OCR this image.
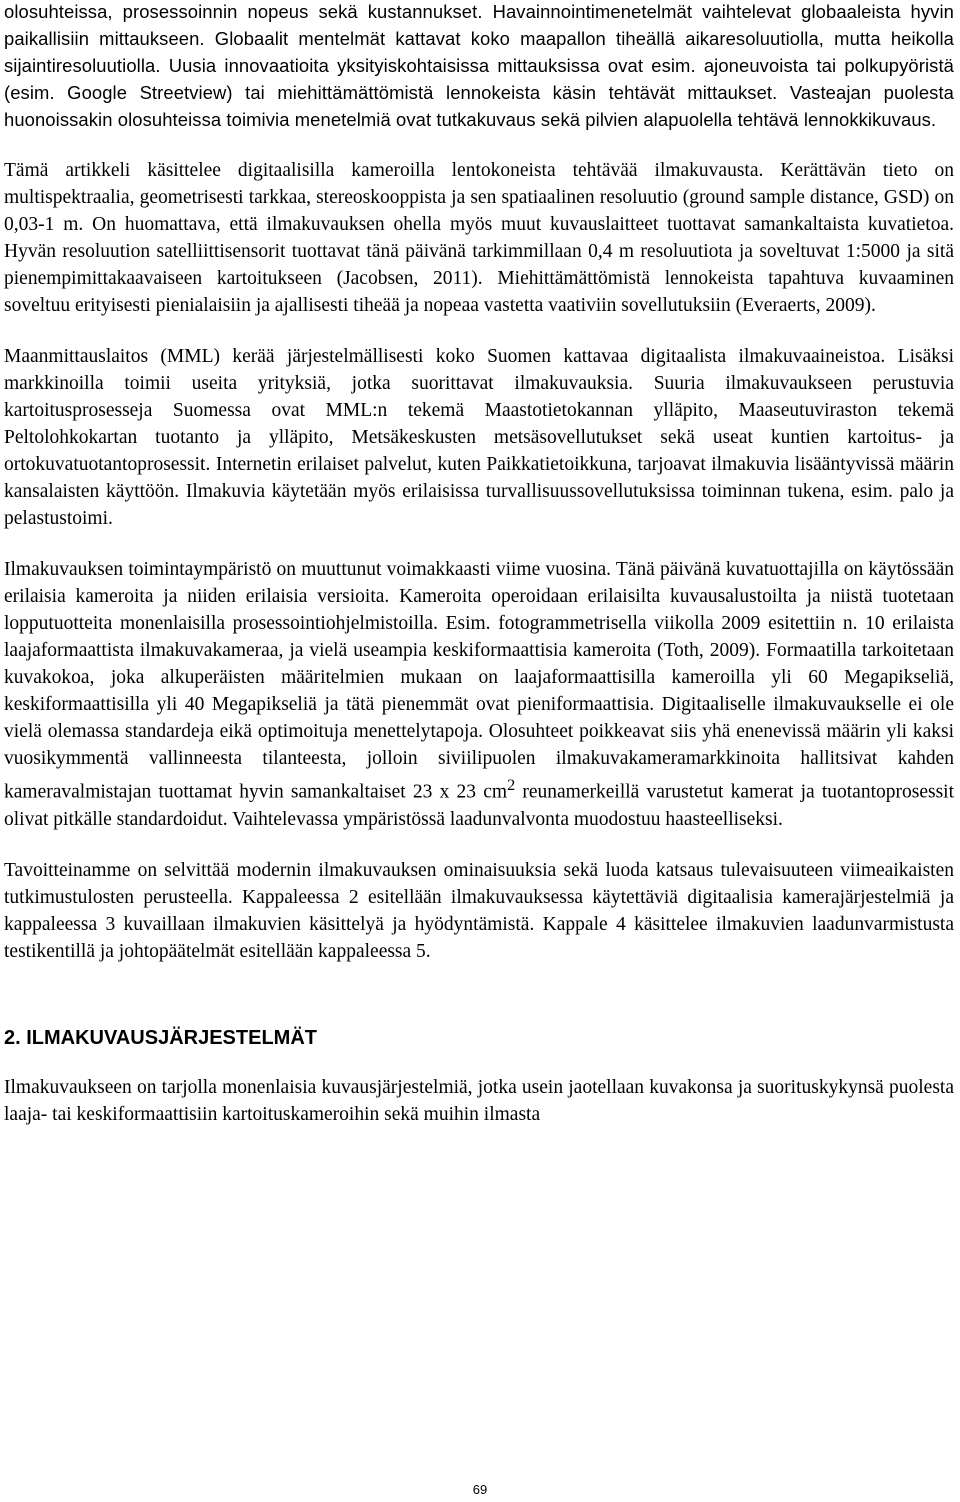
olosuhteissa, prosessoinnin nopeus sekä kustannukset. Havainnointimenetelmät vaihtelevat globaaleista hyvin paikallisiin mittaukseen. Globaalit mentelmät kattavat koko maapallon tiheällä aikaresoluutiolla, mutta heikolla sijaintiresoluutiolla. Uusia innovaatioita yksityiskohtaisissa mittauksissa ovat esim. ajoneuvoista tai polkupyöristä (esim. Google Streetview) tai miehittämättömistä lennokeista käsin tehtävät mittaukset. Vasteajan puolesta huonoissakin olosuhteissa toimivia menetelmiä ovat tutkakuvaus sekä pilvien alapuolella tehtävä lennokkikuvaus.

Tämä artikkeli käsittelee digitaalisilla kameroilla lentokoneista tehtävää ilmakuvausta. Kerättävän tieto on multispektraalia, geometrisesti tarkkaa, stereoskooppista ja sen spatiaalinen resoluutio (ground sample distance, GSD) on 0,03-1 m. On huomattava, että ilmakuvauksen ohella myös muut kuvauslaitteet tuottavat samankaltaista kuvatietoa. Hyvän resoluution satelliittisensorit tuottavat tänä päivänä tarkimmillaan 0,4 m resoluutiota ja soveltuvat 1:5000 ja sitä pienempimittakaavaiseen kartoitukseen (Jacobsen, 2011). Miehittämättömistä lennokeista tapahtuva kuvaaminen soveltuu erityisesti pienialaisiin ja ajallisesti tiheää ja nopeaa vastetta vaativiin sovellutuksiin (Everaerts, 2009).

Maanmittauslaitos (MML) kerää järjestelmällisesti koko Suomen kattavaa digitaalista ilmakuvaaineistoa. Lisäksi markkinoilla toimii useita yrityksiä, jotka suorittavat ilmakuvauksia. Suuria ilmakuvaukseen perustuvia kartoitusprosesseja Suomessa ovat MML:n tekemä Maastotietokannan ylläpito, Maaseutuviraston tekemä Peltolohkokartan tuotanto ja ylläpito, Metsäkeskusten metsäsovellutukset sekä useat kuntien kartoitus- ja ortokuvatuotantoprosessit. Internetin erilaiset palvelut, kuten Paikkatietoikkuna, tarjoavat ilmakuvia lisääntyvissä määrin kansalaisten käyttöön. Ilmakuvia käytetään myös erilaisissa turvallisuussovellutuksissa toiminnan tukena, esim. palo ja pelastustoimi.

Ilmakuvauksen toimintaympäristö on muuttunut voimakkaasti viime vuosina. Tänä päivänä kuvatuottajilla on käytössään erilaisia kameroita ja niiden erilaisia versioita. Kameroita operoidaan erilaisilta kuvausalustoilta ja niistä tuotetaan lopputuotteita monenlaisilla prosessointiohjelmistoilla. Esim. fotogrammetrisella viikolla 2009 esitettiin n. 10 erilaista laajaformaattista ilmakuvakameraa, ja vielä useampia keskiformaattisia kameroita (Toth, 2009). Formaatilla tarkoitetaan kuvakokoa, joka alkuperäisten määritelmien mukaan on laajaformaattisilla kameroilla yli 60 Megapikseliä, keskiformaattisilla yli 40 Megapikseliä ja tätä pienemmät ovat pieniformaattisia. Digitaaliselle ilmakuvaukselle ei ole vielä olemassa standardeja eikä optimoituja menettelytapoja. Olosuhteet poikkeavat siis yhä enenevissä määrin yli kaksi vuosikymmentä vallinneesta tilanteesta, jolloin siviilipuolen ilmakuvakameramarkkinoita hallitsivat kahden kameravalmistajan tuottamat hyvin samankaltaiset 23 x 23 $cm^2$ reunamerkeillä varustetut kamerat ja tuotantoprosessit olivat pitkälle standardoidut. Vaihtelevassa ympäristössä laadunvalvonta muodostuu haasteelliseksi.

Tavoitteinamme on selvittää modernin ilmakuvauksen ominaisuuksia sekä luoda katsaus tulevaisuuteen viimeaikaisten tutkimustulosten perusteella. Kappaleessa 2 esitellään ilmakuvauksessa käytettäviä digitaalisia kamerajärjestelmiä ja kappaleessa 3 kuvaillaan ilmakuvien käsittelyä ja hyödyntämistä. Kappale 4 käsittelee ilmakuvien laadunvarmistusta testikentillä ja johtopäätelmät esitellään kappaleessa 5.

2. ILMAKUVAUSJÄRJESTELMÄT

Ilmakuvaukseen on tarjolla monenlaisia kuvausjärjestelmiä, jotka usein jaotellaan kuvakonsa ja suorituskykynsä puolesta laaja- tai keskiformaattisiin kartoituskameroihin sekä muihin ilmasta

69
